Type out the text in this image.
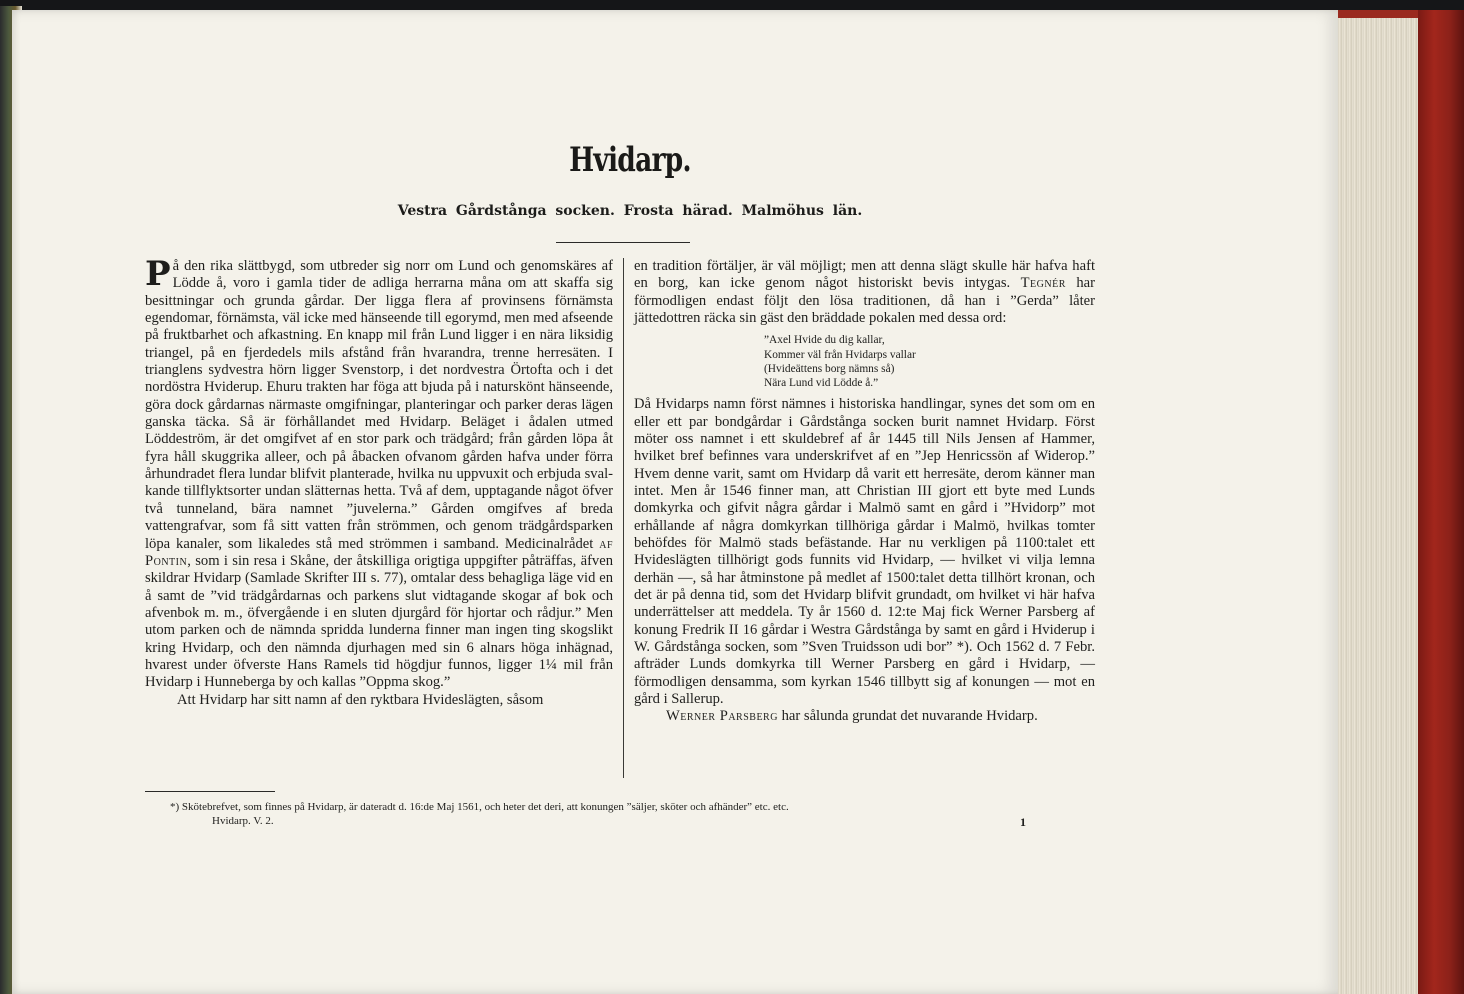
Hvidarp.
Vestra Gårdstånga socken. Frosta härad. Malmöhus län.

På den rika slättbygd, som utbreder sig norr om Lund och genomskäres af Lödde å, voro i gamla tider de adliga herrarna måna om att skaffa sig besittningar och grunda gårdar. Der ligga flera af provinsens förnämsta egendomar, förnämsta, väl icke med hänseende till egorymd, men med afseende på fruktbarhet och afkastning. En knapp mil från Lund ligger i en nära liksidig triangel, på en fjerdedels mils afstånd från hvarandra, trenne herresäten. I trianglens sydvestra hörn ligger Svenstorp, i det nordvestra Örtofta och i det nordöstra Hviderup. Ehuru trakten har föga att bjuda på i naturskönt hänseende, göra dock gårdarnas närmaste omgifningar, planteringar och parker deras lägen ganska täcka. Så är förhållandet med Hvidarp. Beläget i ådalen utmed Löddeström, är det omgifvet af en stor park och trädgård; från gården löpa åt fyra håll skuggrika alleer, och på åbacken ofvanom gården hafva under förra århundradet flera lundar blifvit planterade, hvilka nu uppvuxit och erbjuda svalkande tillflyktsorter undan slätternas hetta. Två af dem, upptagande något öfver två tunneland, bära namnet ”juvelerna.” Gården omgifves af breda vattengrafvar, som få sitt vatten från strömmen, och genom trädgårdsparken löpa kanaler, som likaledes stå med strömmen i samband. Medicinalrådet af Pontin, som i sin resa i Skåne, der åtskilliga origtiga uppgifter påträffas, äfven skildrar Hvidarp (Samlade Skrifter III s. 77), omtalar dess behagliga läge vid en å samt de ”vid trädgårdarnas och parkens slut vidtagande skogar af bok och afvenbok m. m., öfvergående i en sluten djurgård för hjortar och rådjur.” Men utom parken och de nämnda spridda lunderna finner man ingen ting skogslikt kring Hvidarp, och den nämnda djurhagen med sin 6 alnars höga inhägnad, hvarest under öfverste Hans Ramels tid högdjur funnos, ligger 1¼ mil från Hvidarp i Hunneberga by och kallas ”Oppma skog.”

Att Hvidarp har sitt namn af den ryktbara Hvideslägten, såsom

en tradition förtäljer, är väl möjligt; men att denna slägt skulle här hafva haft en borg, kan icke genom något historiskt bevis intygas. Tegnér har förmodligen endast följt den lösa traditionen, då han i ”Gerda” låter jättedottren räcka sin gäst den bräddade pokalen med dessa ord:

”Axel Hvide du dig kallar,
Kommer väl från Hvidarps vallar
(Hvideättens borg nämns så)
Nära Lund vid Lödde å.”

Då Hvidarps namn först nämnes i historiska handlingar, synes det som om en eller ett par bondgårdar i Gårdstånga socken burit namnet Hvidarp. Först möter oss namnet i ett skuldebref af år 1445 till Nils Jensen af Hammer, hvilket bref befinnes vara underskrifvet af en ”Jep Henricssön af Widerop.” Hvem denne varit, samt om Hvidarp då varit ett herresäte, derom känner man intet. Men år 1546 finner man, att Christian III gjort ett byte med Lunds domkyrka och gifvit några gårdar i Malmö samt en gård i ”Hvidorp” mot erhållande af några domkyrkan tillhöriga gårdar i Malmö, hvilkas tomter behöfdes för Malmö stads befästande. Har nu verkligen på 1100:talet ett Hvideslägten tillhörigt gods funnits vid Hvidarp, — hvilket vi vilja lemna derhän —, så har åtminstone på medlet af 1500:talet detta tillhört kronan, och det är på denna tid, som det Hvidarp blifvit grundadt, om hvilket vi här hafva underrättelser att meddela. Ty år 1560 d. 12:te Maj fick Werner Parsberg af konung Fredrik II 16 gårdar i Westra Gårdstånga by samt en gård i Hviderup i W. Gårdstånga socken, som ”Sven Truidsson udi bor” *). Och 1562 d. 7 Febr. afträder Lunds domkyrka till Werner Parsberg en gård i Hvidarp, — förmodligen densamma, som kyrkan 1546 tillbytt sig af konungen — mot en gård i Sallerup.

Werner Parsberg har sålunda grundat det nuvarande Hvidarp.

*) Skötebrefvet, som finnes på Hvidarp, är dateradt d. 16:de Maj 1561, och heter det deri, att konungen ”säljer, sköter och afhänder” etc. etc.
Hvidarp. V. 2.	1
